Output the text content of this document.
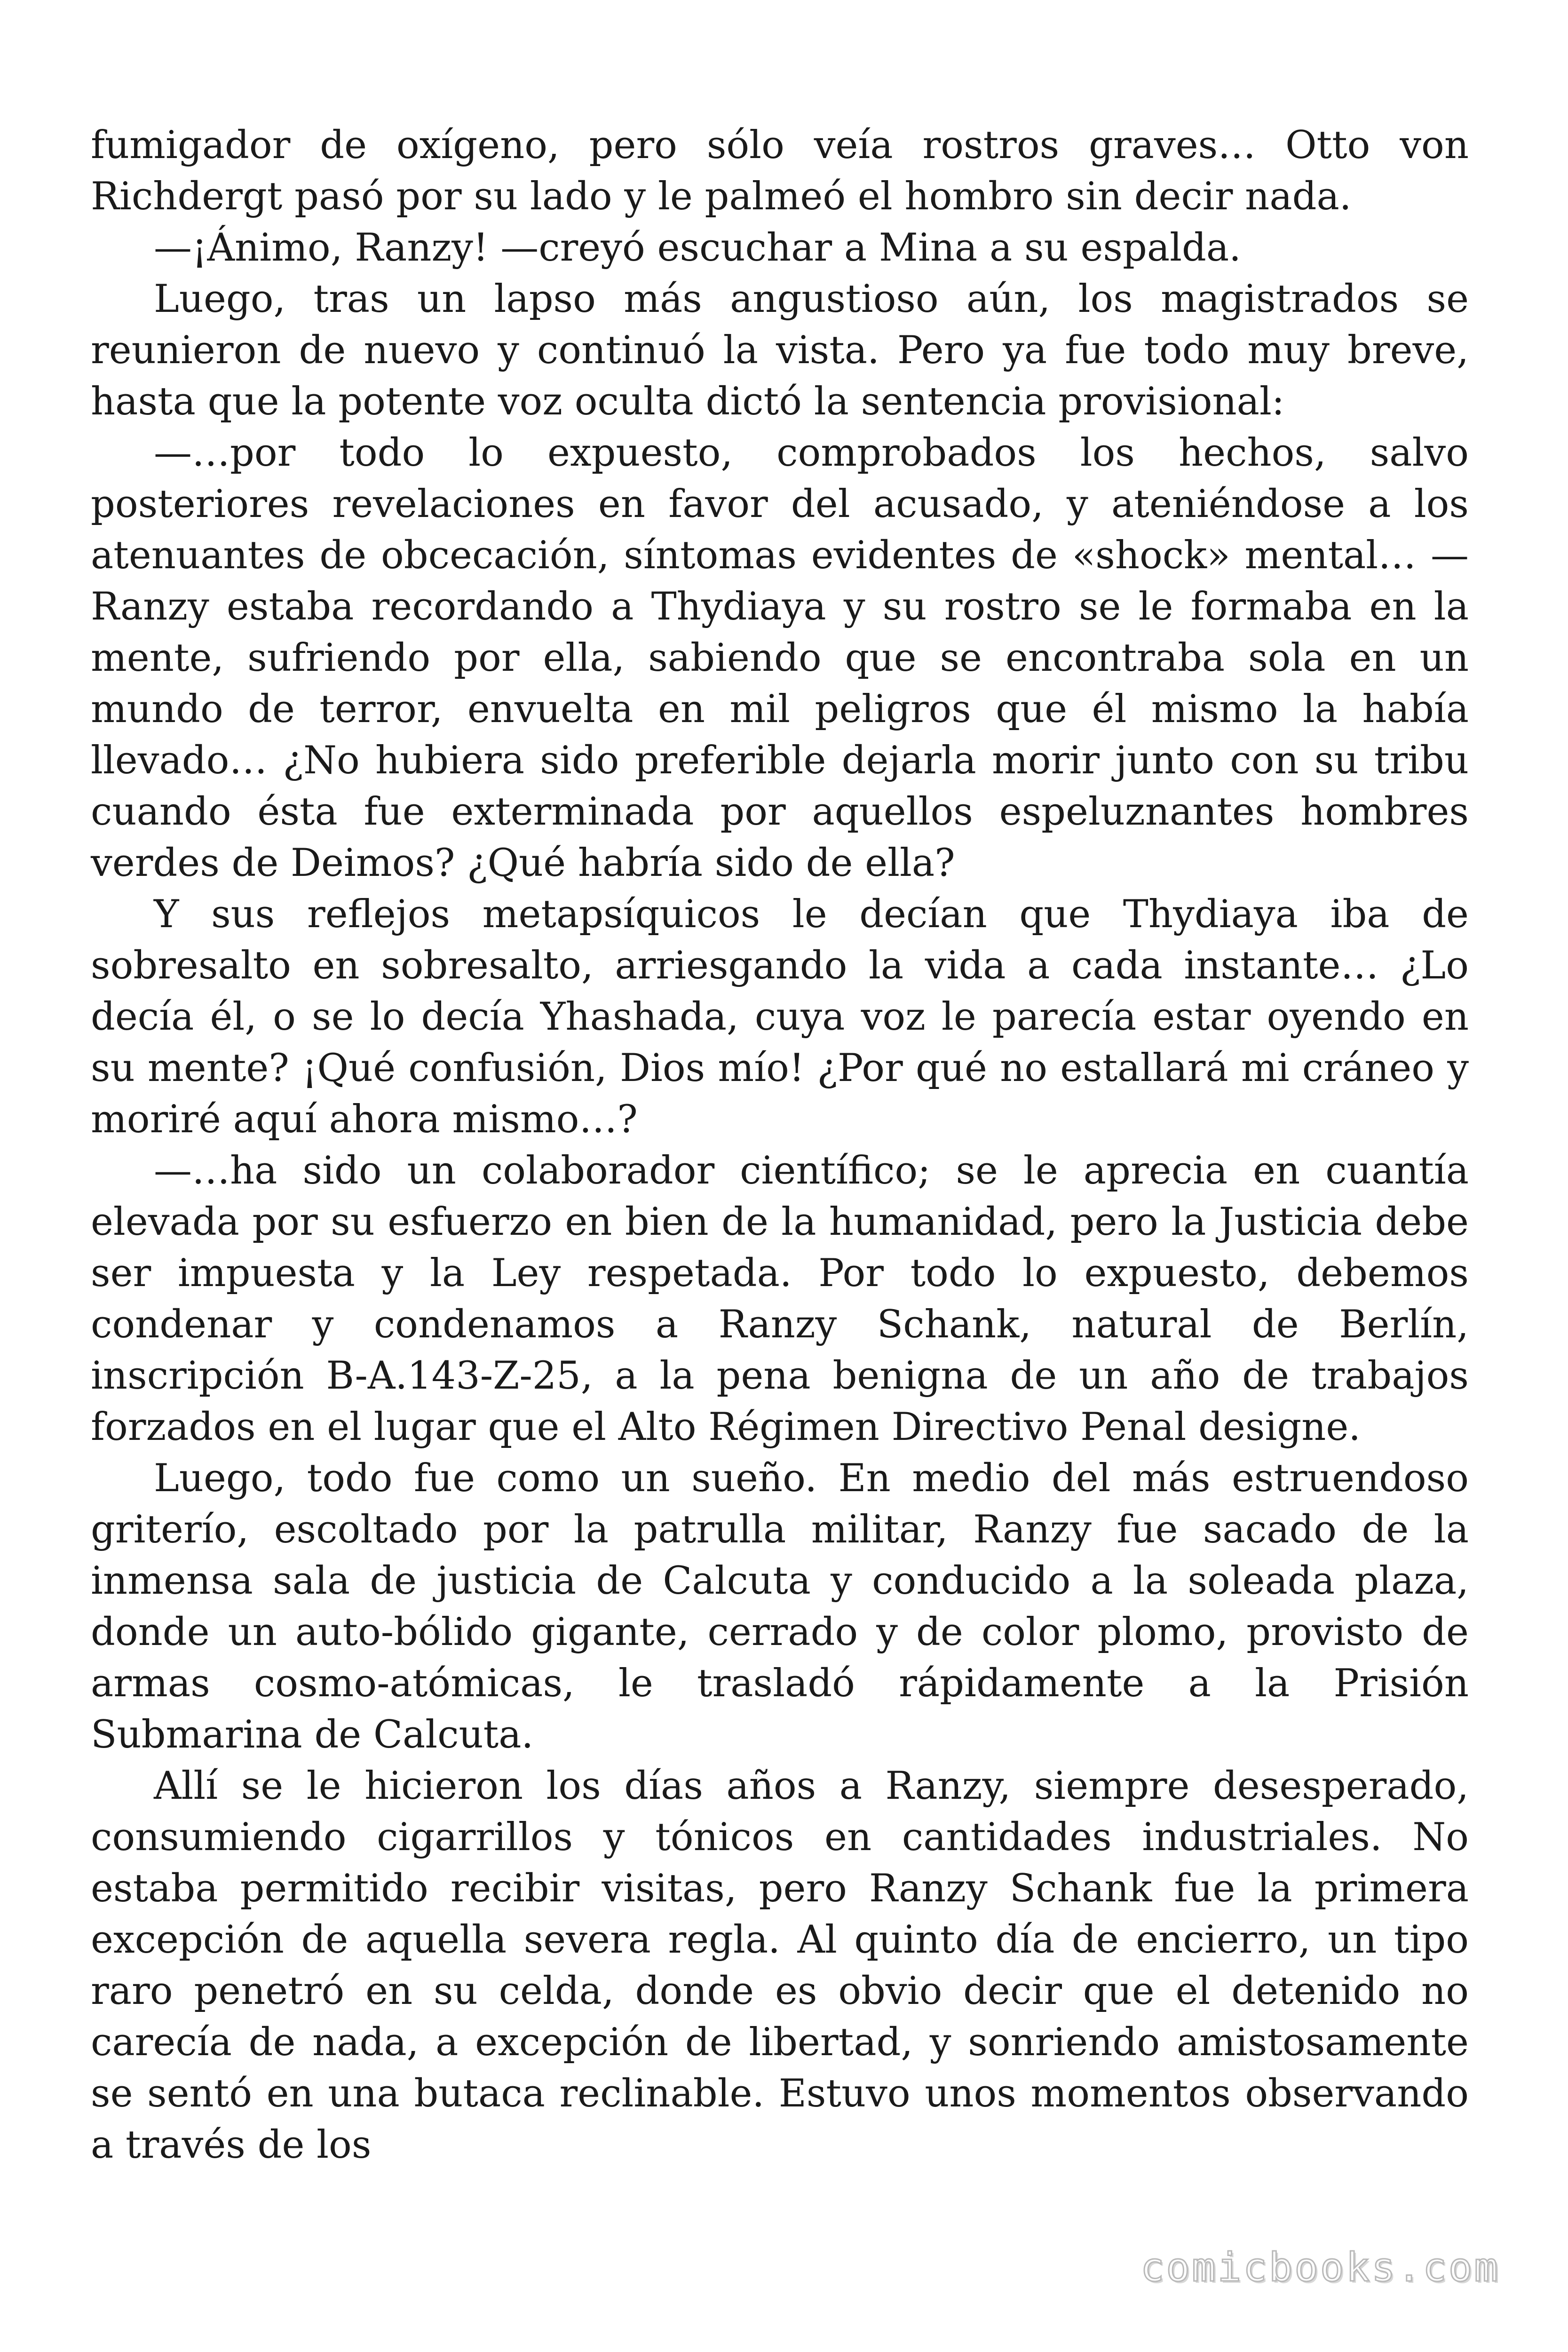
fumigador de oxígeno, pero sólo veía rostros graves… Otto von Richdergt pasó por su lado y le palmeó el hombro sin decir nada.

—¡Ánimo, Ranzy! —creyó escuchar a Mina a su espalda.

Luego, tras un lapso más angustioso aún, los magistrados se reunieron de nuevo y continuó la vista. Pero ya fue todo muy breve, hasta que la potente voz oculta dictó la sentencia provisional:

—…por todo lo expuesto, comprobados los hechos, salvo posteriores revelaciones en favor del acusado, y ateniéndose a los atenuantes de obcecación, síntomas evidentes de «shock» mental… —Ranzy estaba recordando a Thydiaya y su rostro se le formaba en la mente, sufriendo por ella, sabiendo que se encontraba sola en un mundo de terror, envuelta en mil peligros que él mismo la había llevado… ¿No hubiera sido preferible dejarla morir junto con su tribu cuando ésta fue exterminada por aquellos espeluznantes hombres verdes de Deimos? ¿Qué habría sido de ella?

Y sus reflejos metapsíquicos le decían que Thydiaya iba de sobresalto en sobresalto, arriesgando la vida a cada instante… ¿Lo decía él, o se lo decía Yhashada, cuya voz le parecía estar oyendo en su mente? ¡Qué confusión, Dios mío! ¿Por qué no estallará mi cráneo y moriré aquí ahora mismo…?

—…ha sido un colaborador científico; se le aprecia en cuantía elevada por su esfuerzo en bien de la humanidad, pero la Justicia debe ser impuesta y la Ley respetada. Por todo lo expuesto, debemos condenar y condenamos a Ranzy Schank, natural de Berlín, inscripción B-A.143-Z-25, a la pena benigna de un año de trabajos forzados en el lugar que el Alto Régimen Directivo Penal designe.

Luego, todo fue como un sueño. En medio del más estruendoso griterío, escoltado por la patrulla militar, Ranzy fue sacado de la inmensa sala de justicia de Calcuta y conducido a la soleada plaza, donde un auto-bólido gigante, cerrado y de color plomo, provisto de armas cosmo-atómicas, le trasladó rápidamente a la Prisión Submarina de Calcuta.

Allí se le hicieron los días años a Ranzy, siempre desesperado, consumiendo cigarrillos y tónicos en cantidades industriales. No estaba permitido recibir visitas, pero Ranzy Schank fue la primera excepción de aquella severa regla. Al quinto día de encierro, un tipo raro penetró en su celda, donde es obvio decir que el detenido no carecía de nada, a excepción de libertad, y sonriendo amistosamente se sentó en una butaca reclinable. Estuvo unos momentos observando a través de los

comicbooks.com
